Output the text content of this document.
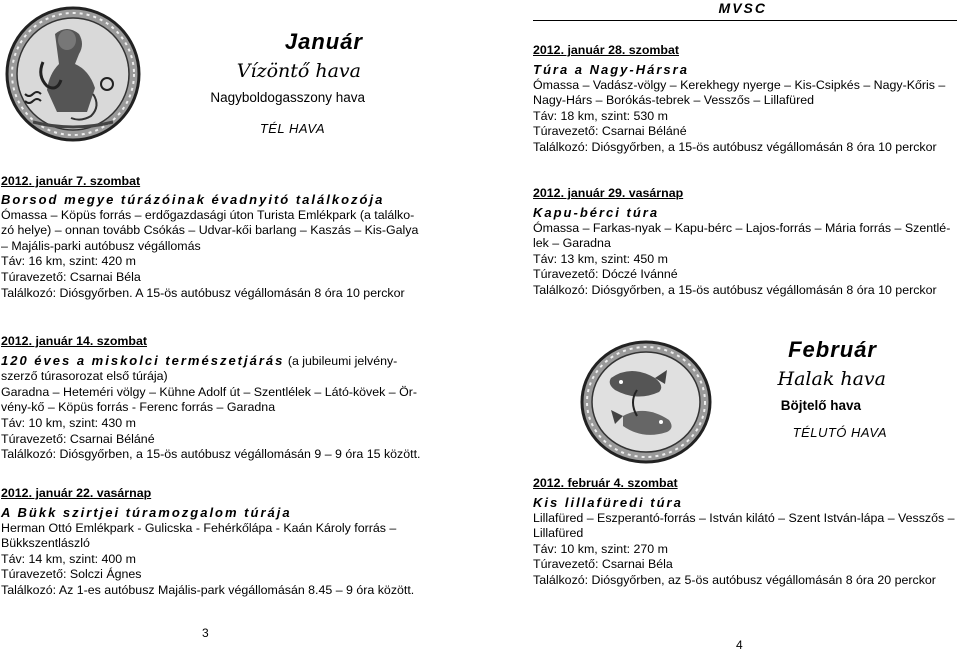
MVSC
Január
Vízöntő hava
Nagyboldogasszony hava
TÉL HAVA
2012. január 7. szombat
Borsod megye túrázóinak évadnyitó találkozója
Ómassa – Köpüs forrás – erdőgazdasági úton Turista Emlékpark (a találko-
zó helye) – onnan tovább Csókás – Udvar-kői barlang – Kaszás – Kis-Galya
– Majális-parki autóbusz végállomás
Táv: 16 km, szint: 420 m
Túravezető: Csarnai Béla
Találkozó: Diósgyőrben. A 15-ös autóbusz végállomásán 8 óra 10 perckor
2012. január 14. szombat
120 éves a miskolci természetjárás (a jubileumi jelvény-
szerző túrasorozat első túrája)
Garadna – Heteméri völgy – Kühne Adolf út – Szentlélek – Látó-kövek – Ör-
vény-kő – Köpüs forrás - Ferenc forrás – Garadna
Táv: 10 km, szint: 430 m
Túravezető: Csarnai Béláné
Találkozó: Diósgyőrben, a 15-ös autóbusz végállomásán 9 – 9 óra 15 között.
2012. január 22. vasárnap
A Bükk szirtjei túramozgalom túrája
Herman Ottó Emlékpark - Gulicska - Fehérkőlápa - Kaán Károly forrás –
Bükkszentlászló
Táv: 14 km, szint: 400 m
Túravezető: Solczi Ágnes
Találkozó: Az 1-es autóbusz Majális-park végállomásán 8.45 – 9 óra között.
3
2012. január 28. szombat
Túra a Nagy-Hársra
Ómassa – Vadász-völgy – Kerekhegy nyerge – Kis-Csipkés – Nagy-Kőris –
Nagy-Hárs – Borókás-tebrek – Vesszős – Lillafüred
Táv: 18 km, szint: 530 m
Túravezető: Csarnai Béláné
Találkozó: Diósgyőrben, a 15-ös autóbusz végállomásán 8 óra 10 perckor
2012. január 29. vasárnap
Kapu-bérci túra
Ómassa – Farkas-nyak – Kapu-bérc – Lajos-forrás – Mária forrás – Szentlé-
lek – Garadna
Táv: 13 km, szint: 450 m
Túravezető: Dóczé Ivánné
Találkozó: Diósgyőrben, a 15-ös autóbusz végállomásán 8 óra 10 perckor
Február
Halak hava
Böjtelő hava
TÉLUTÓ HAVA
2012. február 4. szombat
Kis lillafüredi túra
Lillafüred – Eszperantó-forrás – István kilátó – Szent István-lápa – Vesszős –
Lillafüred
Táv: 10 km, szint: 270 m
Túravezető: Csarnai Béla
Találkozó: Diósgyőrben, az 5-ös autóbusz végállomásán 8 óra 20 perckor
4
